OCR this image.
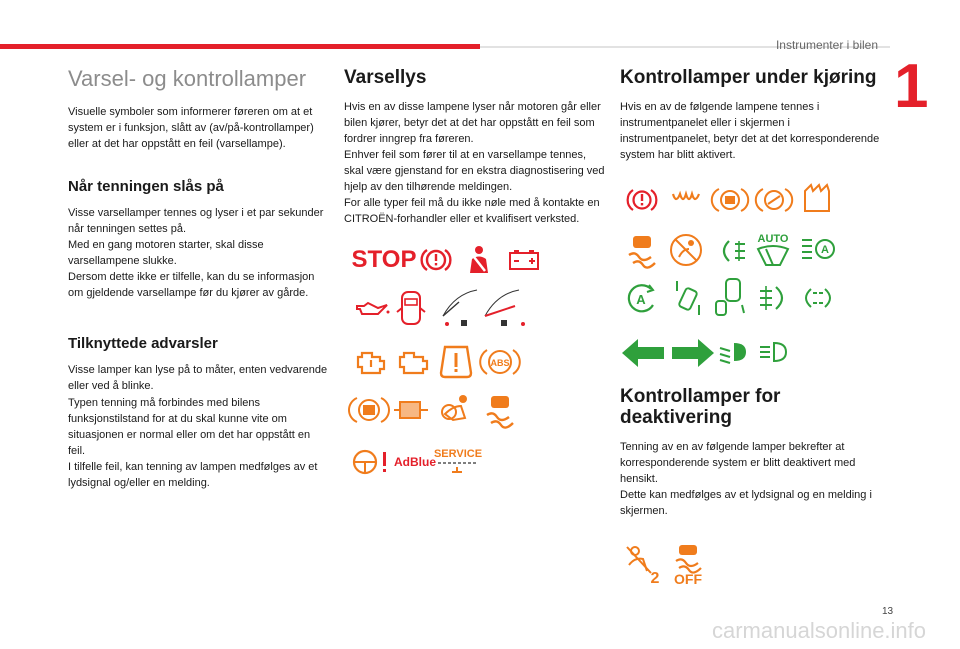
Instrumenter i bilen
1
Varsel- og kontrollamper

Visuelle symboler som informerer føreren om at et system er i funksjon, slått av (av/på-kontrollamper) eller at det har oppstått en feil (varsellampe).

Når tenningen slås på

Visse varsellamper tennes og lyser i et par sekunder når tenningen settes på.
Med en gang motoren starter, skal disse varsellampene slukke.
Dersom dette ikke er tilfelle, kan du se informasjon om gjeldende varsellampe før du kjører av gårde.

Tilknyttede advarsler

Visse lamper kan lyse på to måter, enten vedvarende eller ved å blinke.
Typen tenning må forbindes med bilens funksjonstilstand for at du skal kunne vite om situasjonen er normal eller om det har oppstått en feil.
I tilfelle feil, kan tenning av lampen medfølges av et lydsignal og/eller en melding.

Varsellys

Hvis en av disse lampene lyser når motoren går eller bilen kjører, betyr det at det har oppstått en feil som fordrer inngrep fra føreren.
Enhver feil som fører til at en varsellampe tennes, skal være gjenstand for en ekstra diagnostisering ved hjelp av den tilhørende meldingen.
For alle typer feil må du ikke nøle med å kontakte en CITROËN-forhandler eller et kvalifisert verksted.

STOP
ABS
AdBlue
SERVICE
Kontrollamper under kjøring

Hvis en av de følgende lampene tennes i instrumentpanelet eller i skjermen i instrumentpanelet, betyr det at det korresponderende system har blitt aktivert.

AUTO
A
A
Kontrollamper for deaktivering

Tenning av en av følgende lamper bekrefter at korresponderende system er blitt deaktivert med hensikt.
Dette kan medfølges av et lydsignal og en melding i skjermen.

2 OFF
13
carmanualsonline.info
